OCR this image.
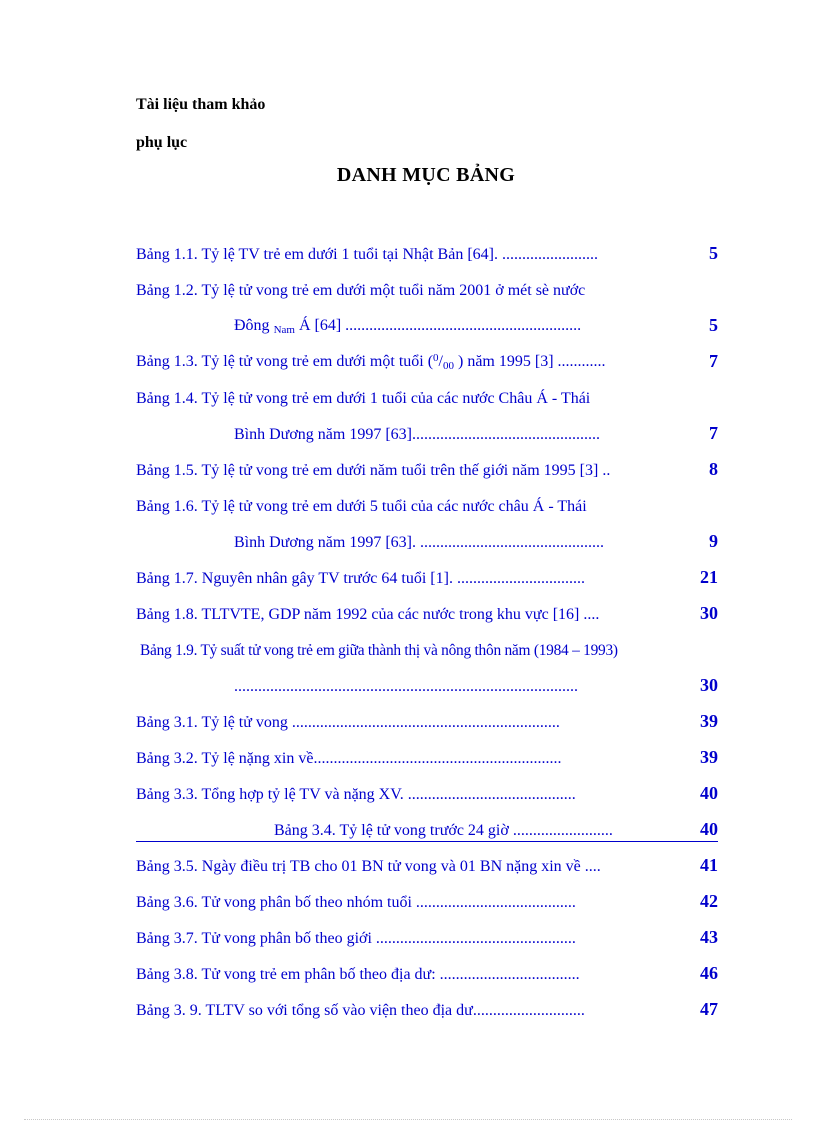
Tài liệu tham khảo
phụ lục
DANH MỤC BẢNG
Bảng 1.1. Tỷ lệ TV trẻ em dưới 1 tuổi tại Nhật Bản [64]. ........................	5
Bảng 1.2. Tỷ lệ tử vong trẻ em dưới một tuổi năm 2001 ở mét sè nước
Đông $_{Nam}$ Á [64] ...........................................................	5
Bảng 1.3. Tỷ lệ tử vong trẻ em dưới một tuổi ($^0/_{00}$ ) năm 1995 [3] ............	7
Bảng 1.4. Tỷ lệ tử vong trẻ em dưới 1 tuổi của các nước Châu Á - Thái
Bình Dương năm 1997 [63]...............................................	7
Bảng 1.5. Tỷ lệ tử vong trẻ em dưới năm tuổi trên thế giới năm 1995 [3] ..	8
Bảng 1.6. Tỷ lệ tử vong trẻ em dưới 5 tuổi của các nước châu Á - Thái
Bình Dương năm 1997 [63]. ..............................................	9
Bảng 1.7. Nguyên nhân gây TV trước 64 tuổi [1]. ................................	21
Bảng 1.8. TLTVTE, GDP năm 1992 của các nước trong khu vực [16] ....	30
Bảng 1.9. Tỷ suất tử vong trẻ em giữa thành thị và nông thôn năm (1984 – 1993)
......................................................................................	30
Bảng 3.1. Tỷ lệ tử vong ...................................................................	39
Bảng 3.2. Tỷ lệ nặng xin về..............................................................	39
Bảng 3.3. Tổng hợp tỷ lệ TV và nặng XV. ..........................................	40
Bảng 3.4. Tỷ lệ tử vong trước 24 giờ .........................	40
Bảng 3.5. Ngày điều trị TB cho 01 BN tử vong và 01 BN nặng xin về ....	41
Bảng 3.6. Tử vong phân bố theo nhóm tuổi ........................................	42
Bảng 3.7. Tử vong phân bố theo giới ..................................................	43
Bảng 3.8. Tử vong trẻ em phân bố theo địa dư: ...................................	46
Bảng 3. 9. TLTV so với tổng số vào viện theo địa dư............................	47
